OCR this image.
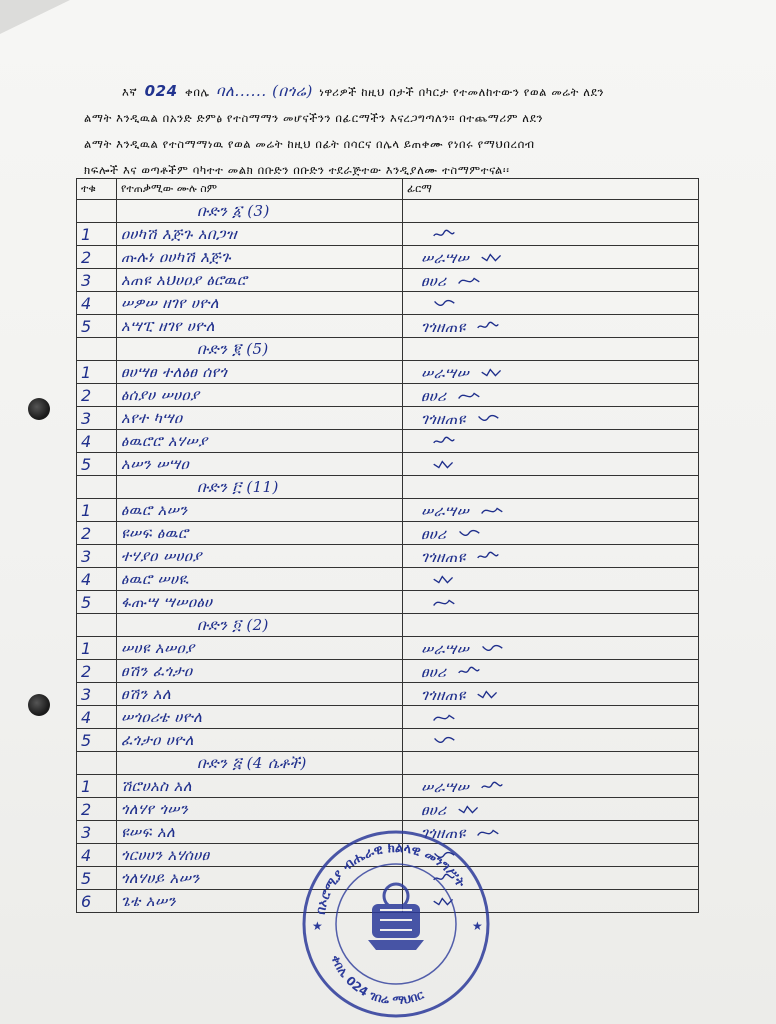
እኛ 024 ቀበሌ ባለ...... (በጎሬ) ነዋሪዎች ከዚህ በታች በካርታ የተመለከተውን የወል መሬት ለደን
ልማት እንዲዉል በአንድ ድምፅ የተስማማን መሆናችንን በፊርማችን እናረጋግጣለን። በተጨማሪም ለደን
ልማት እንዲዉል የተስማማነዉ የወል መሬት ከዚህ በፊት በሳርና በሌላ ይጠቀሙ የነበሩ የማህበረሰብ
ክፍሎች እና ወጣቶችም ባካተተ መልክ በቡድን በቡድን ተደራጅተው እንዲያለሙ ተስማምተናል፡፡
ተቁ	የተጠቃሚው ሙሉ ስም	ፊርማ
	ቡድን ፩ (3)	
1	ዐሀካሽ እጅጉ አበጋዝ	
2	ጡሉነ ዐሀካሽ እጅጉ	ሠራሣሠ
3	አጠዩ አህሀዐያ ፅሮዉሮ	ፀሀሪ
4	ሠዎሠ ዘገየ ሀዮለ	
5	አሣፒ ዘገየ ሀዮለ	ገጎዘጠዩ
	ቡድን ፪ (5)	
1	ፀሀሣፀ ተለፅፀ ሰየጎ	ሠራሣሠ
2	ፅሰያሀ ሠሀዐያ	ፀሀሪ
3	አየተ ካሣዐ	ገጎዘጠዩ
4	ፅዉሮሮ አሃሠያ	
5	አሠን ሠሣዐ	
	ቡድን ፫ (11)	
1	ፅዉሮ አሠን	ሠራሣሠ
2	ዩሠፍ ፅዉሮ	ፀሀሪ
3	ተሃያዐ ሠሀዐያ	ገጎዘጠዩ
4	ፅዉሮ ሠሀዪ	
5	ፋጡሣ ሣሠዐፅሀ	
	ቡድን ፬ (2)	
1	ሠሀዩ አሠዐያ	ሠራሣሠ
2	ፀሽን ፈጎታዐ	ፀሀሪ
3	ፀሽን አለ	ገጎዘጠዩ
4	ሠጎዐሪቴ ሀዮለ	
5	ፈጎታዐ ሀዮለ	
	ቡድን ፭ (4 ሴቶች)	
1	ሽሮሀአስ አለ	ሠራሣሠ
2	ጎለሃየ ጎሠን	ፀሀሪ
3	ዩሠፍ አለ	ገጎዘጠዩ
4	ጎርሀሀን አሃሰሀፀ	
5	ጎለሃሀይ አሠን	
6	ጌቴ አሠን	
በኦሮሚያ ብሔራዊ ክልላዊ መንግሥት
ቀበሌ 024 ገበሬ ማህበር
★	★
